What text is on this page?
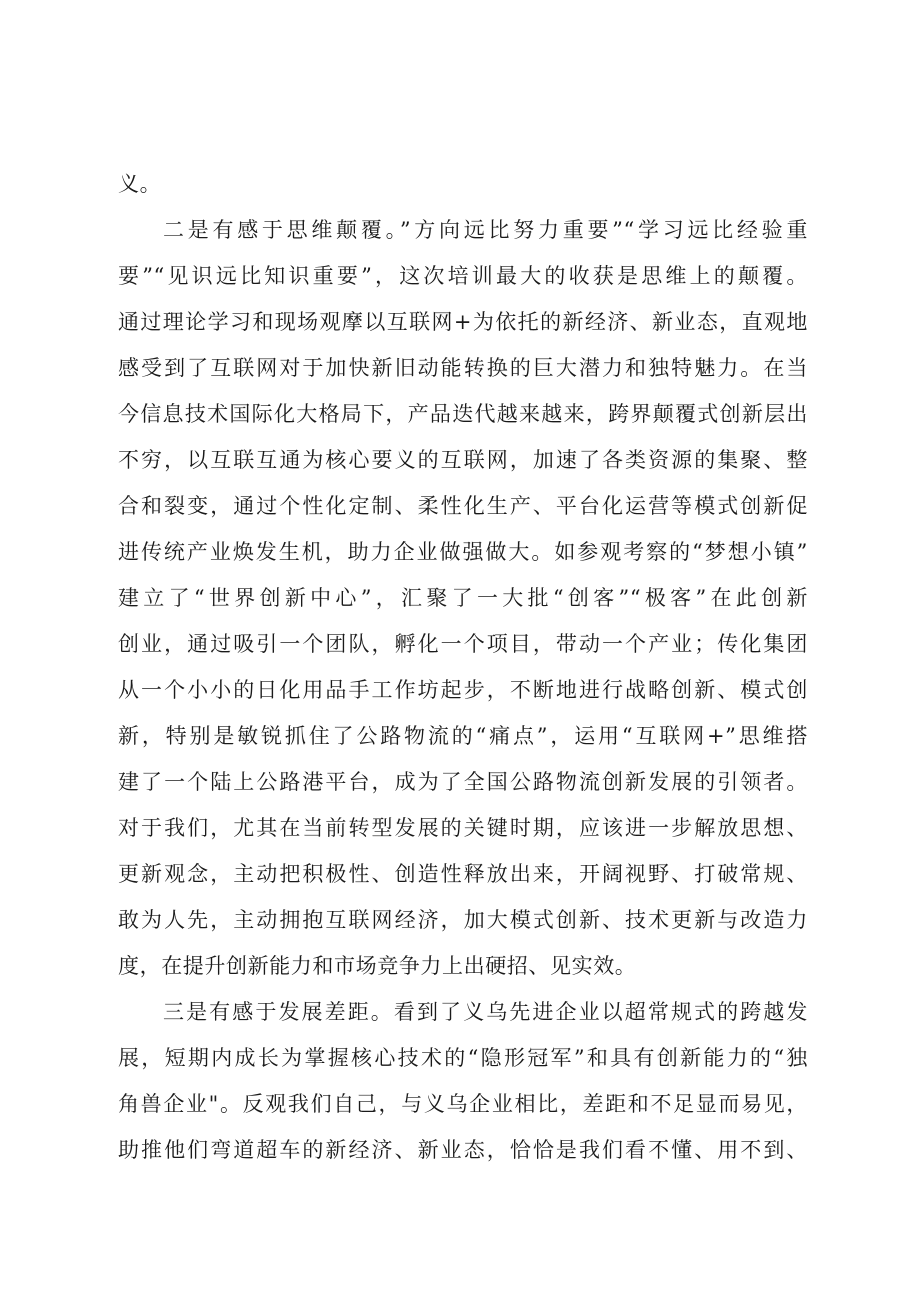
义。
二是有感于思维颠覆。”方向远比努力重要”“学习远比经验重
要”“见识远比知识重要”，这次培训最大的收获是思维上的颠覆。
通过理论学习和现场观摩以互联网+为依托的新经济、新业态，直观地
感受到了互联网对于加快新旧动能转换的巨大潜力和独特魅力。在当
今信息技术国际化大格局下，产品迭代越来越来，跨界颠覆式创新层出
不穷，以互联互通为核心要义的互联网，加速了各类资源的集聚、整
合和裂变，通过个性化定制、柔性化生产、平台化运营等模式创新促
进传统产业焕发生机，助力企业做强做大。如参观考察的“梦想小镇”
建立了“世界创新中心”，汇聚了一大批“创客”“极客”在此创新
创业，通过吸引一个团队，孵化一个项目，带动一个产业；传化集团
从一个小小的日化用品手工作坊起步，不断地进行战略创新、模式创
新，特别是敏锐抓住了公路物流的“痛点”，运用“互联网+”思维搭
建了一个陆上公路港平台，成为了全国公路物流创新发展的引领者。
对于我们，尤其在当前转型发展的关键时期，应该进一步解放思想、
更新观念，主动把积极性、创造性释放出来，开阔视野、打破常规、
敢为人先，主动拥抱互联网经济，加大模式创新、技术更新与改造力
度，在提升创新能力和市场竞争力上出硬招、见实效。
三是有感于发展差距。看到了义乌先进企业以超常规式的跨越发
展，短期内成长为掌握核心技术的“隐形冠军”和具有创新能力的“独
角兽企业"。反观我们自己，与义乌企业相比，差距和不足显而易见，
助推他们弯道超车的新经济、新业态，恰恰是我们看不懂、用不到、
